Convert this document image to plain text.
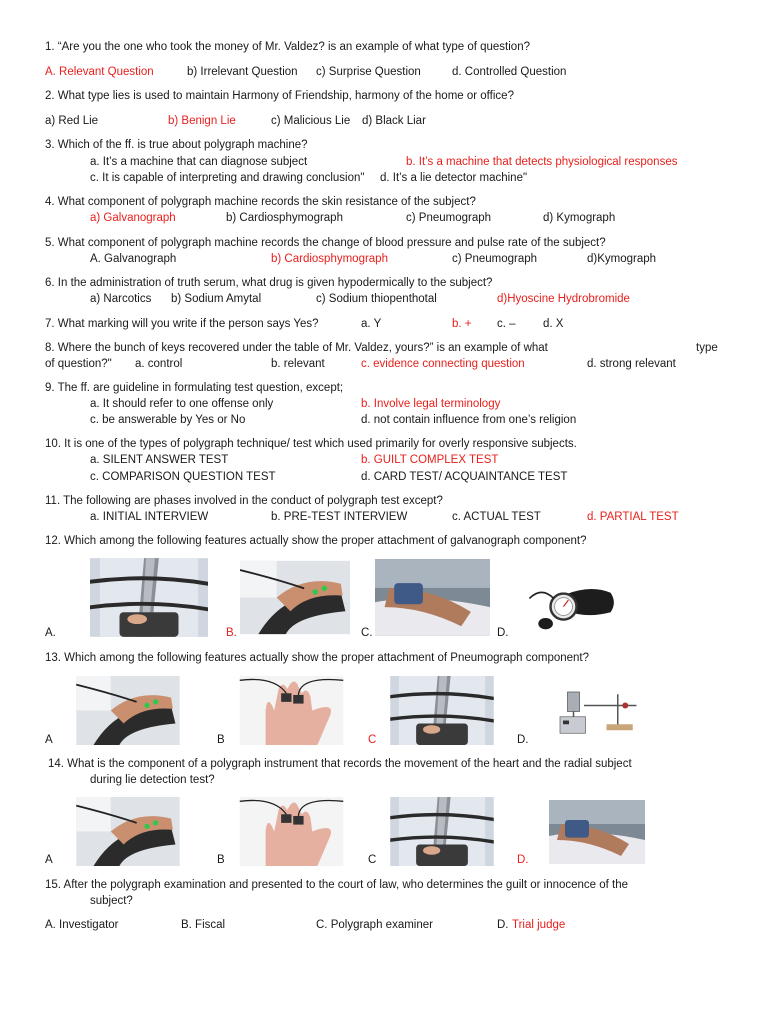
1. “Are you the one who took the money of Mr. Valdez? is an example of what type of question?
A. Relevant Question	b) Irrelevant Question c) Surprise Question	d. Controlled Question
2. What type lies is used to maintain Harmony of Friendship, harmony of the home or office?
a) Red Lie	b) Benign Lie	c) Malicious Lie d) Black Liar
3. Which of the ff. is true about polygraph machine?
a. It’s a machine that can diagnose subject	b. It’s a machine that detects physiological responses
c. It is capable of interpreting and drawing conclusion" d. It’s a lie detector machine"
4. What component of polygraph machine records the skin resistance of the subject?
a) Galvanograph	b) Cardiosphymograph	c) Pneumograph	d) Kymograph
5. What component of polygraph machine records the change of blood pressure and pulse rate of the subject?
A. Galvanograph	b) Cardiosphymograph	c) Pneumograph	d)Kymograph
6. In the administration of truth serum, what drug is given hypodermically to the subject?
a) Narcotics b) Sodium Amytal	c) Sodium thiopenthotal	d)Hyoscine Hydrobromide
7. What marking will you write if the person says Yes?	a. Y	b. + c. – d. X
8. Where the bunch of keys recovered under the table of Mr. Valdez, yours?” is an example of what	type
of question?" a. control	b. relevant	c. evidence connecting question	d. strong relevant
9. The ff. are guideline in formulating test question, except;
a. It should refer to one offense only	b. Involve legal terminology
c. be answerable by Yes or No	d. not contain influence from one’s religion
10. It is one of the types of polygraph technique/ test which used primarily for overly responsive subjects.
a. SILENT ANSWER TEST	b. GUILT COMPLEX TEST
c. COMPARISON QUESTION TEST	d. CARD TEST/ ACQUAINTANCE TEST
11. The following are phases involved in the conduct of polygraph test except?
a. INITIAL INTERVIEW	b. PRE-TEST INTERVIEW	c. ACTUAL TEST	d. PARTIAL TEST
12. Which among the following features actually show the proper attachment of galvanograph component?
A.	B.	C.	D.
13. Which among the following features actually show the proper attachment of Pneumograph component?
A	B	C	D.
14. What is the component of a polygraph instrument that records the movement of the heart and the radial subject
during lie detection test?
A	B	C	D.
15. After the polygraph examination and presented to the court of law, who determines the guilt or innocence of the
subject?
A. Investigator	B. Fiscal	C. Polygraph examiner	D. Trial judge
